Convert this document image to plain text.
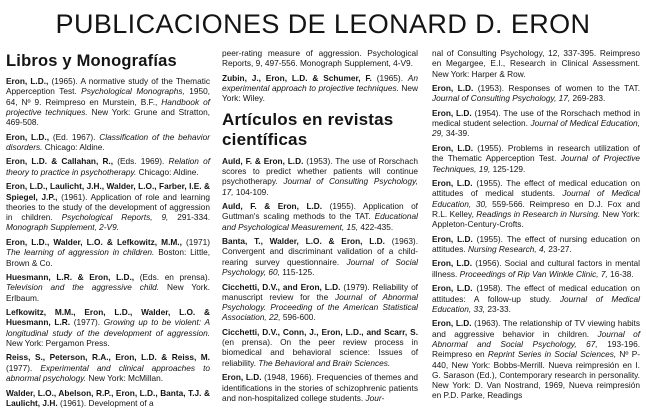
PUBLICACIONES DE LEONARD D. ERON
Libros y Monografías
Eron, L.D., (1965). A normative study of the Thematic Apperception Test. Psychological Monographs, 1950, 64, Nº 9. Reimpreso en Murstein, B.F., Handbook of projective techniques. New York: Grune and Stratton, 469-508.
Eron, L.D., (Ed. 1967). Classification of the behavior disorders. Chicago: Aldine.
Eron, L.D. & Callahan, R., (Eds. 1969). Relation of theory to practice in psychotherapy. Chicago: Aldine.
Eron, L.D., Laulicht, J.H., Walder, L.O., Farber, I.E. & Spiegel, J.P., (1961). Application of role and learning theories to the study of the development of aggression in children. Psychological Reports, 9, 291-334. Monograph Supplement, 2-V9.
Eron, L.D., Walder, L.O. & Lefkowitz, M.M., (1971) The learning of aggression in children. Boston: Little, Brown & Co.
Huesmann, L.R. & Eron, L.D., (Eds. en prensa). Television and the aggressive child. New York. Erlbaum.
Lefkowitz, M.M., Eron, L.D., Walder, L.O. & Huesmann, L.R. (1977). Growing up to be violent: A longitudinal study of the development of aggression. New York: Pergamon Press.
Reiss, S., Peterson, R.A., Eron, L.D. & Reiss, M. (1977). Experimental and clinical approaches to abnormal psychology. New York: McMillan.
Walder, L.O., Abelson, R.P., Eron, L.D., Banta, T.J. & Laulicht, J.H. (1961). Development of a
peer-rating measure of aggression. Psychological Reports, 9, 497-556. Monograph Supplement, 4-V9.
Zubin, J., Eron, L.D. & Schumer, F. (1965). An experimental approach to projective techniques. New York: Wiley.
Artículos en revistas científicas
Auld, F. & Eron, L.D. (1953). The use of Rorschach scores to predict whether patients will continue psychotherapy. Journal of Consulting Psychology, 17, 104-109.
Auld, F. & Eron, L.D. (1955). Application of Guttman's scaling methods to the TAT. Educational and Psychological Measurement, 15, 422-435.
Banta, T., Walder, L.O. & Eron, L.D. (1963). Convergent and discriminant validation of a child-rearing survey questionnaire. Journal of Social Psychology, 60, 115-125.
Cicchetti, D.V., and Eron, L.D. (1979). Reliability of manuscript review for the Journal of Abnormal Psychology. Proceeding of the American Statistical Association, 22, 596-600.
Cicchetti, D.V., Conn, J., Eron, L.D., and Scarr, S. (en prensa). On the peer review process in biomedical and behavioral science: Issues of reliability. The Behavioral and Brain Sciences.
Eron, L.D. (1948, 1966). Frequencies of themes and identifications in the stories of schizophrenic patients and non-hospitalized college students. Jour-
nal of Consulting Psychology, 12, 337-395. Reimpreso en Megargee, E.I., Research in Clinical Assessment. New York: Harper & Row.
Eron, L.D. (1953). Responses of women to the TAT. Journal of Consulting Psychology, 17, 269-283.
Eron, L.D. (1954). The use of the Rorschach method in medical student selection. Journal of Medical Education, 29, 34-39.
Eron, L.D. (1955). Problems in research utilization of the Thematic Apperception Test. Journal of Projective Techniques, 19, 125-129.
Eron, L.D. (1955). The effect of medical education on attitudes of medical students. Journal of Medical Education, 30, 559-566. Reimpreso en D.J. Fox and R.L. Kelley, Readings in Research in Nursing. New York: Appleton-Century-Crofts.
Eron, L.D. (1955). The effect of nursing education on attitudes. Nursing Research, 4, 23-27.
Eron, L.D. (1956). Social and cultural factors in mental illness. Proceedings of Rip Van Winkle Clinic, 7, 16-38.
Eron, L.D. (1958). The effect of medical education on attitudes: A follow-up study. Journal of Medical Education, 33, 23-33.
Eron, L.D. (1963). The relationship of TV viewing habits and aggressive behavior in children. Journal of Abnormal and Social Psychology, 67, 193-196. Reimpreso en Reprint Series in Social Sciences, Nº P-440, New York: Bobbs-Merrill. Nueva reimpresión en I. G. Sarason (Ed.), Contemporary research in personality. New York: D. Van Nostrand, 1969, Nueva reimpresión en P.D. Parke, Readings
